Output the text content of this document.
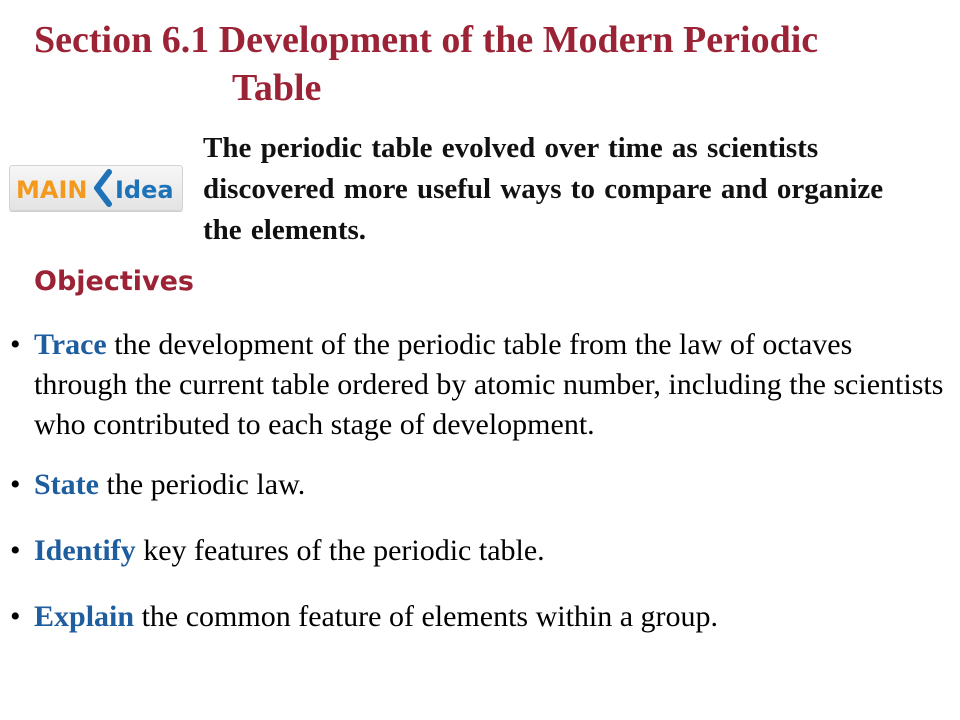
Section 6.1 Development of the Modern Periodic
Table
MAIN Idea

The periodic table evolved over time as scientists discovered more useful ways to compare and organize the elements.

Objectives
• Trace the development of the periodic table from the law of octaves through the current table ordered by atomic number, including the scientists who contributed to each stage of development.
• State the periodic law.
• Identify key features of the periodic table.
• Explain the common feature of elements within a group.
